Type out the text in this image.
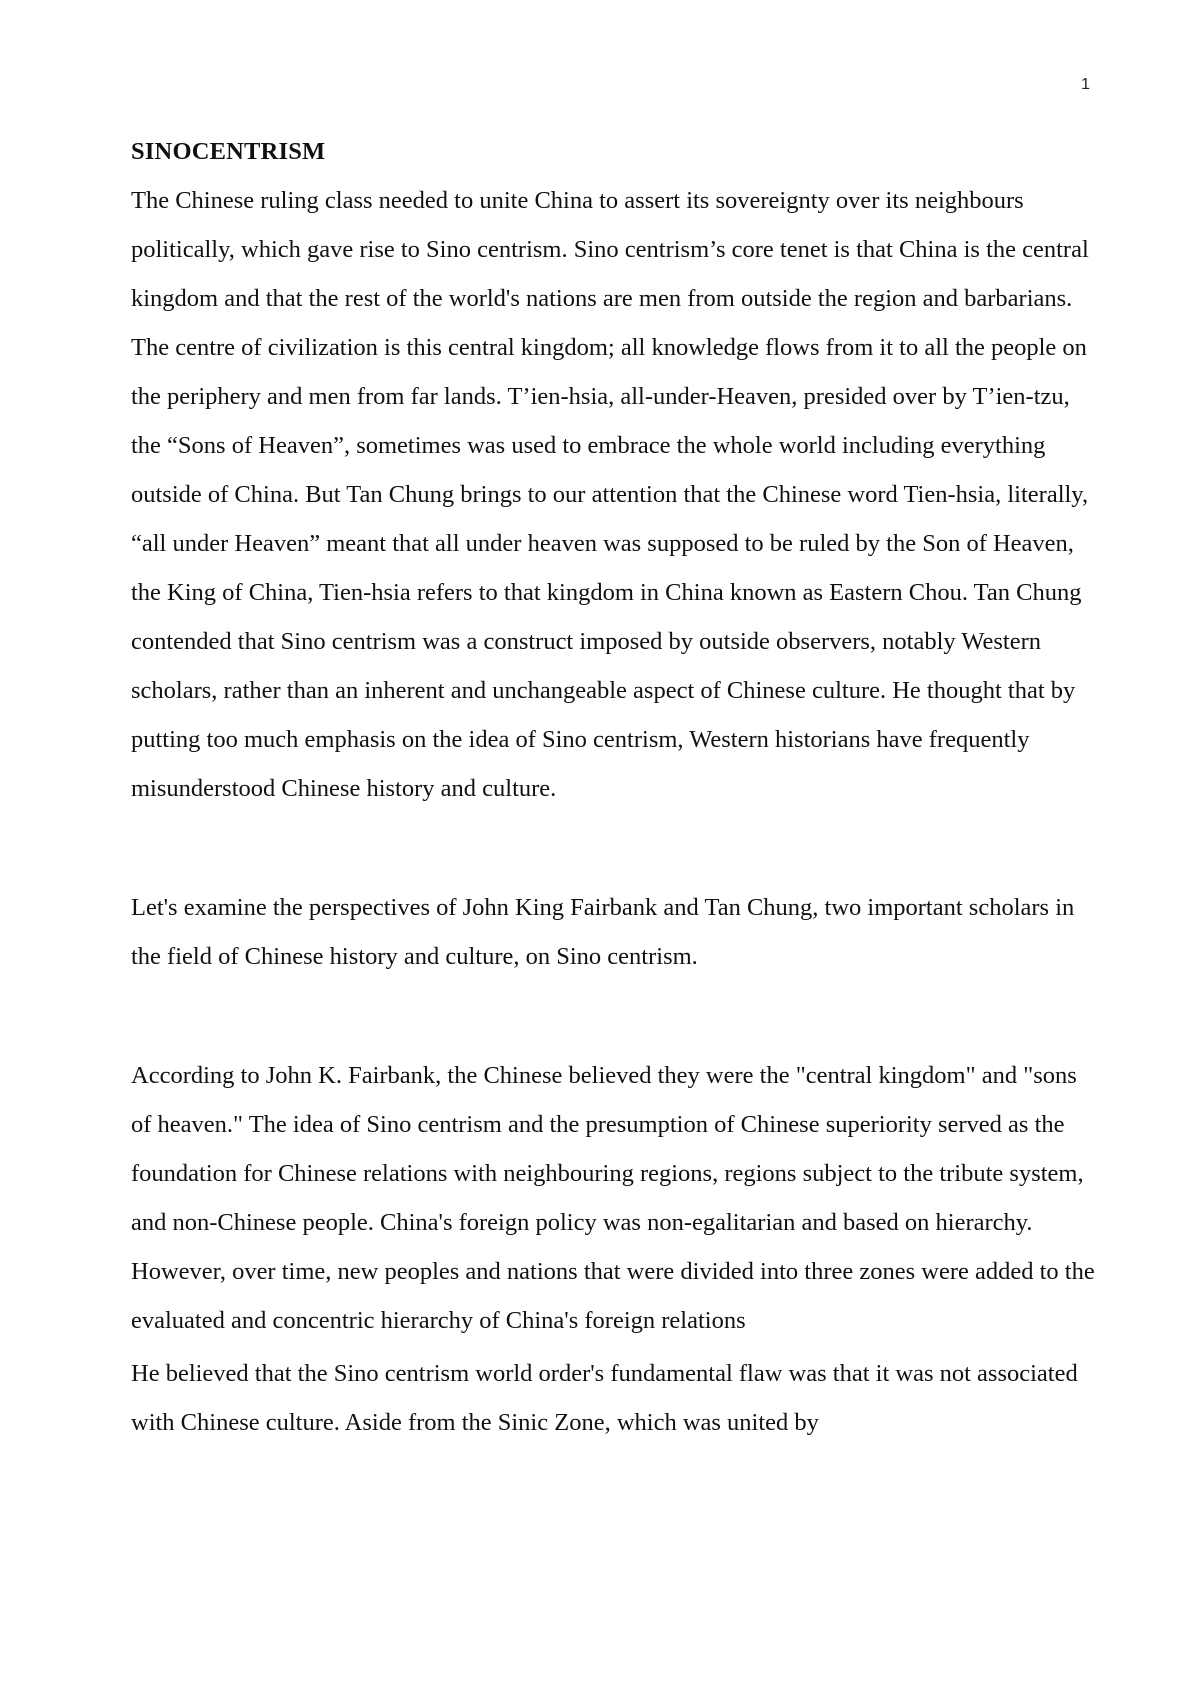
1

SINOCENTRISM

The Chinese ruling class needed to unite China to assert its sovereignty over its neighbours politically, which gave rise to Sino centrism. Sino centrism’s core tenet is that China is the central kingdom and that the rest of the world's nations are men from outside the region and barbarians. The centre of civilization is this central kingdom; all knowledge flows from it to all the people on the periphery and men from far lands. T’ien-hsia, all-under-Heaven, presided over by T’ien-tzu, the “Sons of Heaven”, sometimes was used to embrace the whole world including everything outside of China. But Tan Chung brings to our attention that the Chinese word Tien-hsia, literally, “all under Heaven” meant that all under heaven was supposed to be ruled by the Son of Heaven, the King of China, Tien-hsia refers to that kingdom in China known as Eastern Chou. Tan Chung contended that Sino centrism was a construct imposed by outside observers, notably Western scholars, rather than an inherent and unchangeable aspect of Chinese culture. He thought that by putting too much emphasis on the idea of Sino centrism, Western historians have frequently misunderstood Chinese history and culture.

Let's examine the perspectives of John King Fairbank and Tan Chung, two important scholars in the field of Chinese history and culture, on Sino centrism.

According to John K. Fairbank, the Chinese believed they were the "central kingdom" and "sons of heaven." The idea of Sino centrism and the presumption of Chinese superiority served as the foundation for Chinese relations with neighbouring regions, regions subject to the tribute system, and non-Chinese people. China's foreign policy was non-egalitarian and based on hierarchy. However, over time, new peoples and nations that were divided into three zones were added to the evaluated and concentric hierarchy of China's foreign relations

He believed that the Sino centrism world order's fundamental flaw was that it was not associated with Chinese culture. Aside from the Sinic Zone, which was united by
